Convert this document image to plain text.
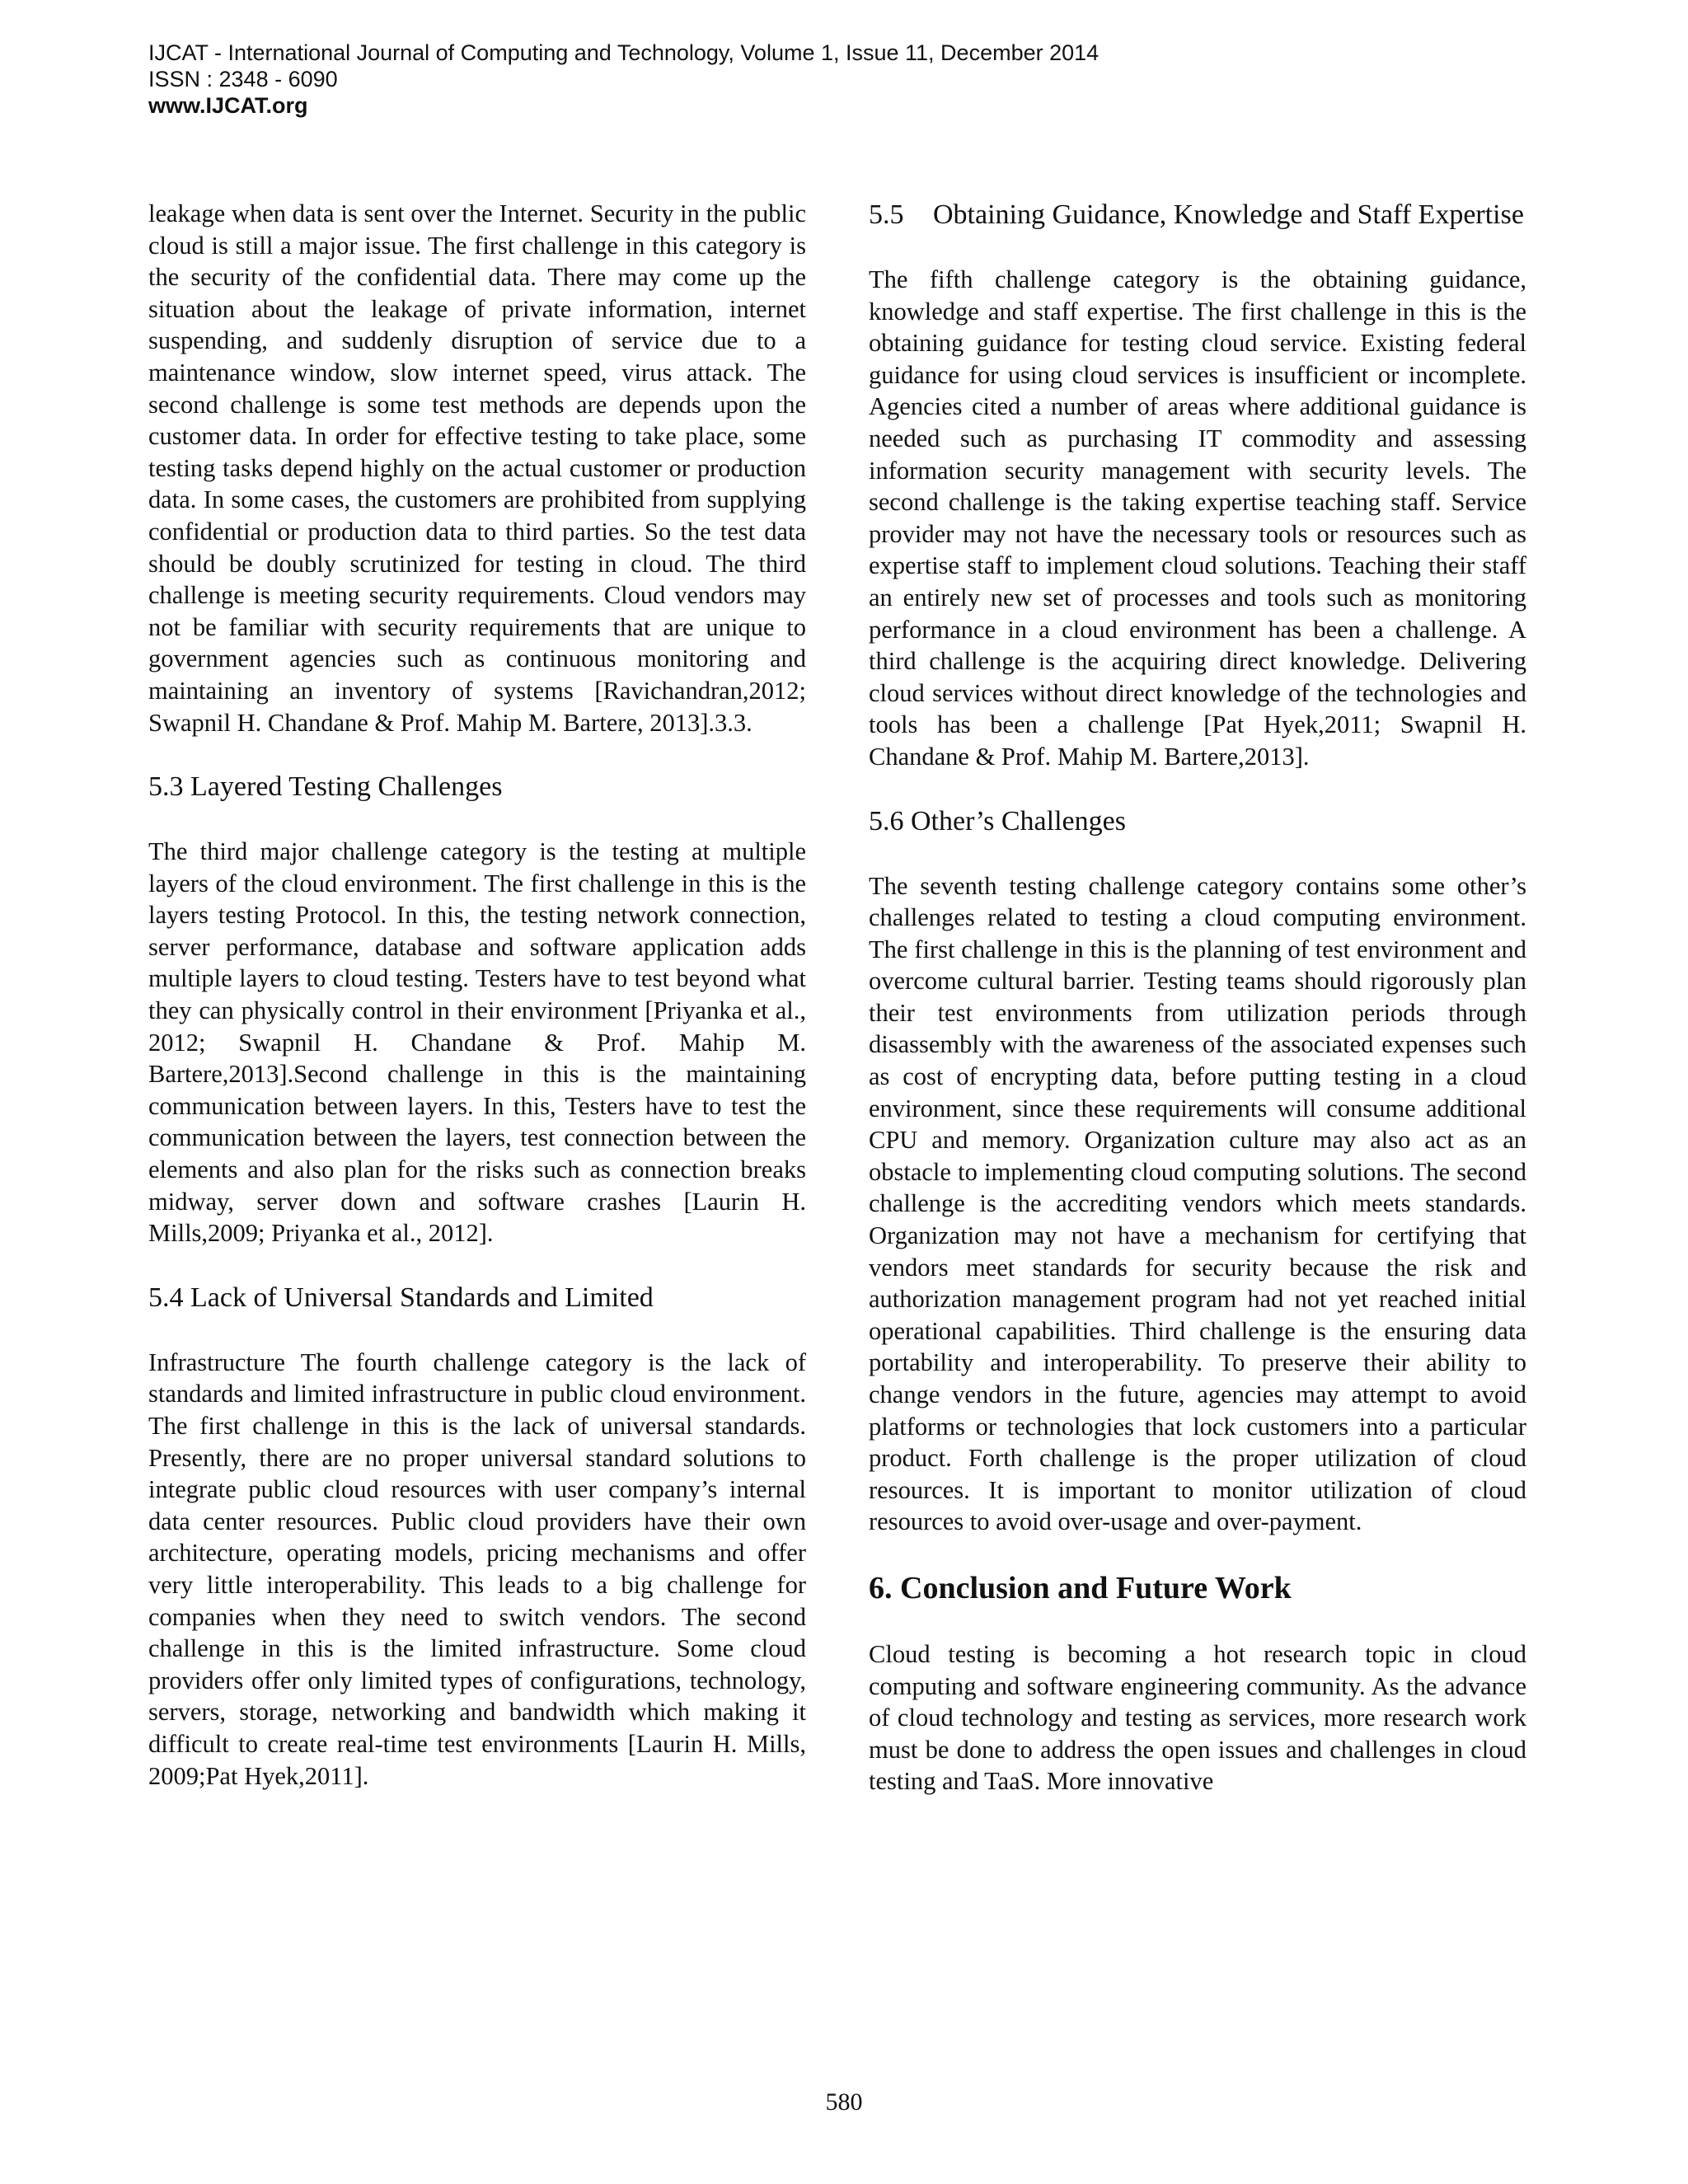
IJCAT - International Journal of Computing and Technology, Volume 1, Issue 11, December 2014
ISSN : 2348 - 6090
www.IJCAT.org

leakage when data is sent over the Internet. Security in the public cloud is still a major issue. The first challenge in this category is the security of the confidential data. There may come up the situation about the leakage of private information, internet suspending, and suddenly disruption of service due to a maintenance window, slow internet speed, virus attack. The second challenge is some test methods are depends upon the customer data. In order for effective testing to take place, some testing tasks depend highly on the actual customer or production data. In some cases, the customers are prohibited from supplying confidential or production data to third parties. So the test data should be doubly scrutinized for testing in cloud. The third challenge is meeting security requirements. Cloud vendors may not be familiar with security requirements that are unique to government agencies such as continuous monitoring and maintaining an inventory of systems [Ravichandran,2012; Swapnil H. Chandane & Prof. Mahip M. Bartere, 2013].3.3.

5.3 Layered Testing Challenges

The third major challenge category is the testing at multiple layers of the cloud environment. The first challenge in this is the layers testing Protocol. In this, the testing network connection, server performance, database and software application adds multiple layers to cloud testing. Testers have to test beyond what they can physically control in their environment [Priyanka et al., 2012; Swapnil H. Chandane & Prof. Mahip M. Bartere,2013].Second challenge in this is the maintaining communication between layers. In this, Testers have to test the communication between the layers, test connection between the elements and also plan for the risks such as connection breaks midway, server down and software crashes [Laurin H. Mills,2009; Priyanka et al., 2012].

5.4 Lack of Universal Standards and Limited

Infrastructure The fourth challenge category is the lack of standards and limited infrastructure in public cloud environment. The first challenge in this is the lack of universal standards. Presently, there are no proper universal standard solutions to integrate public cloud resources with user company’s internal data center resources. Public cloud providers have their own architecture, operating models, pricing mechanisms and offer very little interoperability. This leads to a big challenge for companies when they need to switch vendors. The second challenge in this is the limited infrastructure. Some cloud providers offer only limited types of configurations, technology, servers, storage, networking and bandwidth which making it difficult to create real-time test environments [Laurin H. Mills, 2009;Pat Hyek,2011].

5.5	Obtaining Guidance, Knowledge and Staff Expertise

The fifth challenge category is the obtaining guidance, knowledge and staff expertise. The first challenge in this is the obtaining guidance for testing cloud service. Existing federal guidance for using cloud services is insufficient or incomplete. Agencies cited a number of areas where additional guidance is needed such as purchasing IT commodity and assessing information security management with security levels. The second challenge is the taking expertise teaching staff. Service provider may not have the necessary tools or resources such as expertise staff to implement cloud solutions. Teaching their staff an entirely new set of processes and tools such as monitoring performance in a cloud environment has been a challenge. A third challenge is the acquiring direct knowledge. Delivering cloud services without direct knowledge of the technologies and tools has been a challenge [Pat Hyek,2011; Swapnil H. Chandane & Prof. Mahip M. Bartere,2013].

5.6 Other’s Challenges

The seventh testing challenge category contains some other’s challenges related to testing a cloud computing environment. The first challenge in this is the planning of test environment and overcome cultural barrier. Testing teams should rigorously plan their test environments from utilization periods through disassembly with the awareness of the associated expenses such as cost of encrypting data, before putting testing in a cloud environment, since these requirements will consume additional CPU and memory. Organization culture may also act as an obstacle to implementing cloud computing solutions. The second challenge is the accrediting vendors which meets standards. Organization may not have a mechanism for certifying that vendors meet standards for security because the risk and authorization management program had not yet reached initial operational capabilities. Third challenge is the ensuring data portability and interoperability. To preserve their ability to change vendors in the future, agencies may attempt to avoid platforms or technologies that lock customers into a particular product. Forth challenge is the proper utilization of cloud resources. It is important to monitor utilization of cloud resources to avoid over-usage and over-payment.

6. Conclusion and Future Work

Cloud testing is becoming a hot research topic in cloud computing and software engineering community. As the advance of cloud technology and testing as services, more research work must be done to address the open issues and challenges in cloud testing and TaaS. More innovative

580
